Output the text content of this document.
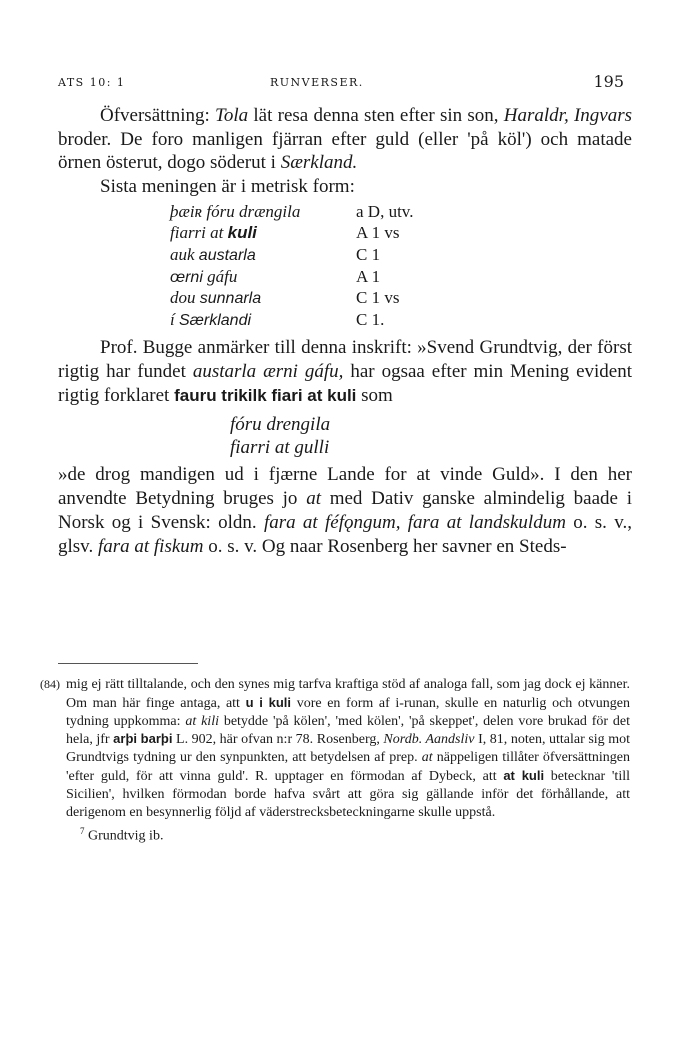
ATS 10: 1	RUNVERSER.	195

Öfversättning: Tola lät resa denna sten efter sin son, Haraldr, Ingvars broder. De foro manligen fjärran efter guld (eller 'på köl') och matade örnen österut, dogo söderut i Særkland.

Sista meningen är i metrisk form:

þæiʀ fóru drængila	a D, utv.
fiarri at kuli	A 1 vs
auk austarla	C 1
œrni gáfu	A 1
dou sunnarla	C 1 vs
í Særklandi	C 1.

Prof. Bugge anmärker till denna inskrift: »Svend Grundtvig, der först rigtig har fundet austarla ærni gáfu, har ogsaa efter min Mening evident rigtig forklaret fauru trikilk fiari at kuli som

fóru drengila
fiarri at gulli

»de drog mandigen ud i fjærne Lande for at vinde Guld». I den her anvendte Betydning bruges jo at med Dativ ganske almindelig baade i Norsk og i Svensk: oldn. fara at féfǫngum, fara at landskuldum o. s. v., glsv. fara at fiskum o. s. v. Og naar Rosenberg her savner en Steds-

(84) mig ej rätt tilltalande, och den synes mig tarfva kraftiga stöd af analoga fall, som jag dock ej känner. Om man här finge antaga, att u i kuli vore en form af i-runan, skulle en naturlig och otvungen tydning uppkomma: at kili betydde 'på kölen', 'med kölen', 'på skeppet', delen vore brukad för det hela, jfr arþi barþi L. 902, här ofvan n:r 78. Rosenberg, Nordb. Aandsliv I, 81, noten, uttalar sig mot Grundtvigs tydning ur den synpunkten, att betydelsen af prep. at näppeligen tillåter öfversättningen 'efter guld, för att vinna guld'. R. upptager en förmodan af Dybeck, att at kuli betecknar 'till Sicilien', hvilken förmodan borde hafva svårt att göra sig gällande inför det förhållande, att derigenom en besynnerlig följd af väderstrecksbeteckningarne skulle uppstå.

$^7$ Grundtvig ib.
